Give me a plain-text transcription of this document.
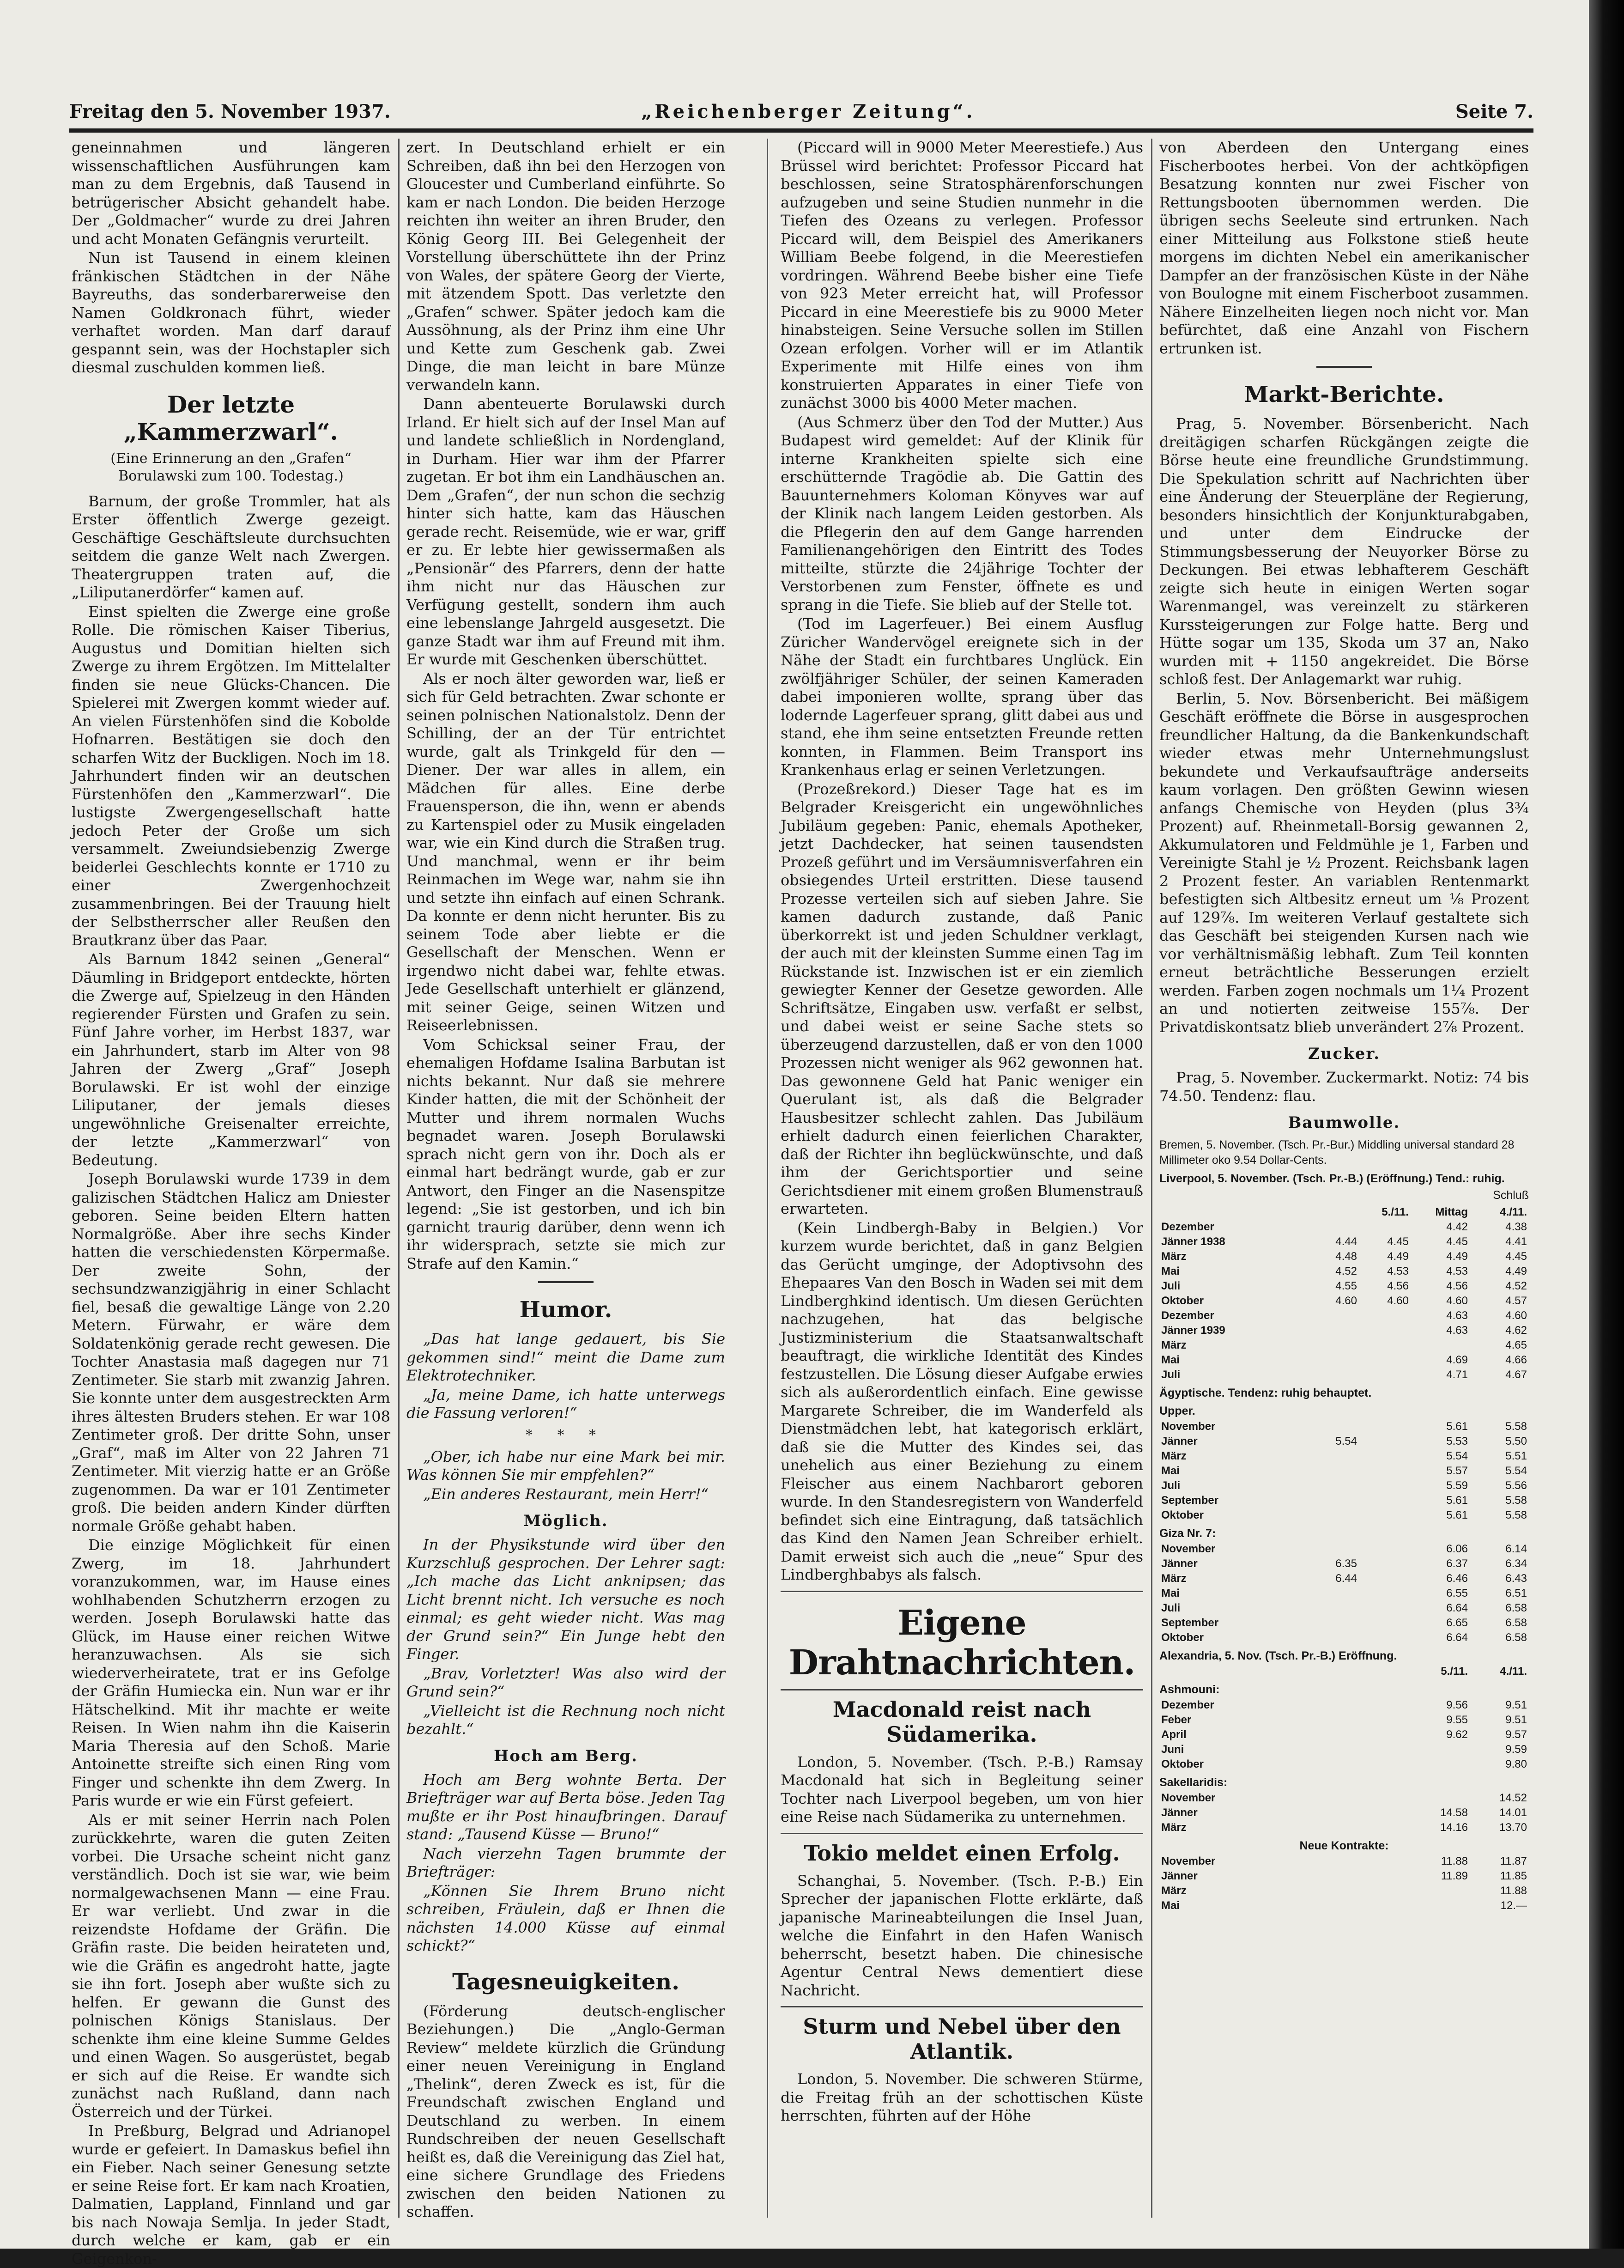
Freitag den 5. November 1937.	„Reichenberger Zeitung“.	Seite 7.

geneinnahmen und längeren wissenschaftlichen Ausführungen kam man zu dem Ergebnis, daß Tausend in betrügerischer Absicht gehandelt habe. Der „Goldmacher“ wurde zu drei Jahren und acht Monaten Gefängnis verurteilt.

Nun ist Tausend in einem kleinen fränkischen Städtchen in der Nähe Bayreuths, das sonderbarerweise den Namen Goldkronach führt, wieder verhaftet worden. Man darf darauf gespannt sein, was der Hochstapler sich diesmal zuschulden kommen ließ.

Der letzte „Kammerzwarl“.
(Eine Erinnerung an den „Grafen“ Borulawski zum 100. Todestag.)

Barnum, der große Trommler, hat als Erster öffentlich Zwerge gezeigt. Geschäftige Geschäftsleute durchsuchten seitdem die ganze Welt nach Zwergen. Theatergruppen traten auf, die „Liliputanerdörfer“ kamen auf.

Einst spielten die Zwerge eine große Rolle. Die römischen Kaiser Tiberius, Augustus und Domitian hielten sich Zwerge zu ihrem Ergötzen. Im Mittelalter finden sie neue Glücks-Chancen. Die Spielerei mit Zwergen kommt wieder auf. An vielen Fürstenhöfen sind die Kobolde Hofnarren. Bestätigen sie doch den scharfen Witz der Buckligen. Noch im 18. Jahrhundert finden wir an deutschen Fürstenhöfen den „Kammerzwarl“. Die lustigste Zwergengesellschaft hatte jedoch Peter der Große um sich versammelt. Zweiundsiebenzig Zwerge beiderlei Geschlechts konnte er 1710 zu einer Zwergenhochzeit zusammenbringen. Bei der Trauung hielt der Selbstherrscher aller Reußen den Brautkranz über das Paar.

Als Barnum 1842 seinen „General“ Däumling in Bridgeport entdeckte, hörten die Zwerge auf, Spielzeug in den Händen regierender Fürsten und Grafen zu sein. Fünf Jahre vorher, im Herbst 1837, war ein Jahrhundert, starb im Alter von 98 Jahren der Zwerg „Graf“ Joseph Borulawski. Er ist wohl der einzige Liliputaner, der jemals dieses ungewöhnliche Greisenalter erreichte, der letzte „Kammerzwarl“ von Bedeutung.

Joseph Borulawski wurde 1739 in dem galizischen Städtchen Halicz am Dniester geboren. Seine beiden Eltern hatten Normalgröße. Aber ihre sechs Kinder hatten die verschiedensten Körpermaße. Der zweite Sohn, der sechsundzwanzigjährig in einer Schlacht fiel, besaß die gewaltige Länge von 2.20 Metern. Fürwahr, er wäre dem Soldatenkönig gerade recht gewesen. Die Tochter Anastasia maß dagegen nur 71 Zentimeter. Sie starb mit zwanzig Jahren. Sie konnte unter dem ausgestreckten Arm ihres ältesten Bruders stehen. Er war 108 Zentimeter groß. Der dritte Sohn, unser „Graf“, maß im Alter von 22 Jahren 71 Zentimeter. Mit vierzig hatte er an Größe zugenommen. Da war er 101 Zentimeter groß. Die beiden andern Kinder dürften normale Größe gehabt haben.

Die einzige Möglichkeit für einen Zwerg, im 18. Jahrhundert voranzukommen, war, im Hause eines wohlhabenden Schutzherrn erzogen zu werden. Joseph Borulawski hatte das Glück, im Hause einer reichen Witwe heranzuwachsen. Als sie sich wiederverheiratete, trat er ins Gefolge der Gräfin Humiecka ein. Nun war er ihr Hätschelkind. Mit ihr machte er weite Reisen. In Wien nahm ihn die Kaiserin Maria Theresia auf den Schoß. Marie Antoinette streifte sich einen Ring vom Finger und schenkte ihn dem Zwerg. In Paris wurde er wie ein Fürst gefeiert.

Als er mit seiner Herrin nach Polen zurückkehrte, waren die guten Zeiten vorbei. Die Ursache scheint nicht ganz verständlich. Doch ist sie war, wie beim normalgewachsenen Mann — eine Frau. Er war verliebt. Und zwar in die reizendste Hofdame der Gräfin. Die Gräfin raste. Die beiden heirateten und, wie die Gräfin es angedroht hatte, jagte sie ihn fort. Joseph aber wußte sich zu helfen. Er gewann die Gunst des polnischen Königs Stanislaus. Der schenkte ihm eine kleine Summe Geldes und einen Wagen. So ausgerüstet, begab er sich auf die Reise. Er wandte sich zunächst nach Rußland, dann nach Österreich und der Türkei.

In Preßburg, Belgrad und Adrianopel wurde er gefeiert. In Damaskus befiel ihn ein Fieber. Nach seiner Genesung setzte er seine Reise fort. Er kam nach Kroatien, Dalmatien, Lappland, Finnland und gar bis nach Nowaja Semlja. In jeder Stadt, durch welche er kam, gab er ein Geigenkon-

zert. In Deutschland erhielt er ein Schreiben, daß ihn bei den Herzogen von Gloucester und Cumberland einführte. So kam er nach London. Die beiden Herzoge reichten ihn weiter an ihren Bruder, den König Georg III. Bei Gelegenheit der Vorstellung überschüttete ihn der Prinz von Wales, der spätere Georg der Vierte, mit ätzendem Spott. Das verletzte den „Grafen“ schwer. Später jedoch kam die Aussöhnung, als der Prinz ihm eine Uhr und Kette zum Geschenk gab. Zwei Dinge, die man leicht in bare Münze verwandeln kann.

Dann abenteuerte Borulawski durch Irland. Er hielt sich auf der Insel Man auf und landete schließlich in Nordengland, in Durham. Hier war ihm der Pfarrer zugetan. Er bot ihm ein Landhäuschen an. Dem „Grafen“, der nun schon die sechzig hinter sich hatte, kam das Häuschen gerade recht. Reisemüde, wie er war, griff er zu. Er lebte hier gewissermaßen als „Pensionär“ des Pfarrers, denn der hatte ihm nicht nur das Häuschen zur Verfügung gestellt, sondern ihm auch eine lebenslange Jahrgeld ausgesetzt. Die ganze Stadt war ihm auf Freund mit ihm. Er wurde mit Geschenken überschüttet.

Als er noch älter geworden war, ließ er sich für Geld betrachten. Zwar schonte er seinen polnischen Nationalstolz. Denn der Schilling, der an der Tür entrichtet wurde, galt als Trinkgeld für den — Diener. Der war alles in allem, ein Mädchen für alles. Eine derbe Frauensperson, die ihn, wenn er abends zu Kartenspiel oder zu Musik eingeladen war, wie ein Kind durch die Straßen trug. Und manchmal, wenn er ihr beim Reinmachen im Wege war, nahm sie ihn und setzte ihn einfach auf einen Schrank. Da konnte er denn nicht herunter. Bis zu seinem Tode aber liebte er die Gesellschaft der Menschen. Wenn er irgendwo nicht dabei war, fehlte etwas. Jede Gesellschaft unterhielt er glänzend, mit seiner Geige, seinen Witzen und Reiseerlebnissen.

Vom Schicksal seiner Frau, der ehemaligen Hofdame Isalina Barbutan ist nichts bekannt. Nur daß sie mehrere Kinder hatten, die mit der Schönheit der Mutter und ihrem normalen Wuchs begnadet waren. Joseph Borulawski sprach nicht gern von ihr. Doch als er einmal hart bedrängt wurde, gab er zur Antwort, den Finger an die Nasenspitze legend: „Sie ist gestorben, und ich bin garnicht traurig darüber, denn wenn ich ihr widersprach, setzte sie mich zur Strafe auf den Kamin.“

Humor.

„Das hat lange gedauert, bis Sie gekommen sind!“ meint die Dame zum Elektrotechniker.

„Ja, meine Dame, ich hatte unterwegs die Fassung verloren!“

* * *

„Ober, ich habe nur eine Mark bei mir. Was können Sie mir empfehlen?“

„Ein anderes Restaurant, mein Herr!“

Möglich.

In der Physikstunde wird über den Kurzschluß gesprochen. Der Lehrer sagt: „Ich mache das Licht anknipsen; das Licht brennt nicht. Ich versuche es noch einmal; es geht wieder nicht. Was mag der Grund sein?“ Ein Junge hebt den Finger.

„Brav, Vorletzter! Was also wird der Grund sein?“

„Vielleicht ist die Rechnung noch nicht bezahlt.“

Hoch am Berg.

Hoch am Berg wohnte Berta. Der Briefträger war auf Berta böse. Jeden Tag mußte er ihr Post hinaufbringen. Darauf stand: „Tausend Küsse — Bruno!“

Nach vierzehn Tagen brummte der Briefträger:

„Können Sie Ihrem Bruno nicht schreiben, Fräulein, daß er Ihnen die nächsten 14.000 Küsse auf einmal schickt?“

Tagesneuigkeiten.

(Förderung deutsch-englischer Beziehungen.) Die „Anglo-German Review“ meldete kürzlich die Gründung einer neuen Vereinigung in England „Thelink“, deren Zweck es ist, für die Freundschaft zwischen England und Deutschland zu werben. In einem Rundschreiben der neuen Gesellschaft heißt es, daß die Vereinigung das Ziel hat, eine sichere Grundlage des Friedens zwischen den beiden Nationen zu schaffen.

(Piccard will in 9000 Meter Meerestiefe.) Aus Brüssel wird berichtet: Professor Piccard hat beschlossen, seine Stratosphärenforschungen aufzugeben und seine Studien nunmehr in die Tiefen des Ozeans zu verlegen. Professor Piccard will, dem Beispiel des Amerikaners William Beebe folgend, in die Meerestiefen vordringen. Während Beebe bisher eine Tiefe von 923 Meter erreicht hat, will Professor Piccard in eine Meerestiefe bis zu 9000 Meter hinabsteigen. Seine Versuche sollen im Stillen Ozean erfolgen. Vorher will er im Atlantik Experimente mit Hilfe eines von ihm konstruierten Apparates in einer Tiefe von zunächst 3000 bis 4000 Meter machen.

(Aus Schmerz über den Tod der Mutter.) Aus Budapest wird gemeldet: Auf der Klinik für interne Krankheiten spielte sich eine erschütternde Tragödie ab. Die Gattin des Bauunternehmers Koloman Könyves war auf der Klinik nach langem Leiden gestorben. Als die Pflegerin den auf dem Gange harrenden Familienangehörigen den Eintritt des Todes mitteilte, stürzte die 24jährige Tochter der Verstorbenen zum Fenster, öffnete es und sprang in die Tiefe. Sie blieb auf der Stelle tot.

(Tod im Lagerfeuer.) Bei einem Ausflug Züricher Wandervögel ereignete sich in der Nähe der Stadt ein furchtbares Unglück. Ein zwölfjähriger Schüler, der seinen Kameraden dabei imponieren wollte, sprang über das lodernde Lagerfeuer sprang, glitt dabei aus und stand, ehe ihm seine entsetzten Freunde retten konnten, in Flammen. Beim Transport ins Krankenhaus erlag er seinen Verletzungen.

(Prozeßrekord.) Dieser Tage hat es im Belgrader Kreisgericht ein ungewöhnliches Jubiläum gegeben: Panic, ehemals Apotheker, jetzt Dachdecker, hat seinen tausendsten Prozeß geführt und im Versäumnisverfahren ein obsiegendes Urteil erstritten. Diese tausend Prozesse verteilen sich auf sieben Jahre. Sie kamen dadurch zustande, daß Panic überkorrekt ist und jeden Schuldner verklagt, der auch mit der kleinsten Summe einen Tag im Rückstande ist. Inzwischen ist er ein ziemlich gewiegter Kenner der Gesetze geworden. Alle Schriftsätze, Eingaben usw. verfaßt er selbst, und dabei weist er seine Sache stets so überzeugend darzustellen, daß er von den 1000 Prozessen nicht weniger als 962 gewonnen hat. Das gewonnene Geld hat Panic weniger ein Querulant ist, als daß die Belgrader Hausbesitzer schlecht zahlen. Das Jubiläum erhielt dadurch einen feierlichen Charakter, daß der Richter ihn beglückwünschte, und daß ihm der Gerichtsportier und seine Gerichtsdiener mit einem großen Blumenstrauß erwarteten.

(Kein Lindbergh-Baby in Belgien.) Vor kurzem wurde berichtet, daß in ganz Belgien das Gerücht umginge, der Adoptivsohn des Ehepaares Van den Bosch in Waden sei mit dem Lindberghkind identisch. Um diesen Gerüchten nachzugehen, hat das belgische Justizministerium die Staatsanwaltschaft beauftragt, die wirkliche Identität des Kindes festzustellen. Die Lösung dieser Aufgabe erwies sich als außerordentlich einfach. Eine gewisse Margarete Schreiber, die im Wanderfeld als Dienstmädchen lebt, hat kategorisch erklärt, daß sie die Mutter des Kindes sei, das unehelich aus einer Beziehung zu einem Fleischer aus einem Nachbarort geboren wurde. In den Standesregistern von Wanderfeld befindet sich eine Eintragung, daß tatsächlich das Kind den Namen Jean Schreiber erhielt. Damit erweist sich auch die „neue“ Spur des Lindberghbabys als falsch.

Eigene Drahtnachrichten.
Macdonald reist nach Südamerika.

London, 5. November. (Tsch. P.-B.) Ramsay Macdonald hat sich in Begleitung seiner Tochter nach Liverpool begeben, um von hier eine Reise nach Südamerika zu unternehmen.

Tokio meldet einen Erfolg.

Schanghai, 5. November. (Tsch. P.-B.) Ein Sprecher der japanischen Flotte erklärte, daß japanische Marineabteilungen die Insel Juan, welche die Einfahrt in den Hafen Wanisch beherrscht, besetzt haben. Die chinesische Agentur Central News dementiert diese Nachricht.

Sturm und Nebel über den Atlantik.

London, 5. November. Die schweren Stürme, die Freitag früh an der schottischen Küste herrschten, führten auf der Höhe

von Aberdeen den Untergang eines Fischerbootes herbei. Von der achtköpfigen Besatzung konnten nur zwei Fischer von Rettungsbooten übernommen werden. Die übrigen sechs Seeleute sind ertrunken. Nach einer Mitteilung aus Folkstone stieß heute morgens im dichten Nebel ein amerikanischer Dampfer an der französischen Küste in der Nähe von Boulogne mit einem Fischerboot zusammen. Nähere Einzelheiten liegen noch nicht vor. Man befürchtet, daß eine Anzahl von Fischern ertrunken ist.

Markt-Berichte.

Prag, 5. November. Börsenbericht. Nach dreitägigen scharfen Rückgängen zeigte die Börse heute eine freundliche Grundstimmung. Die Spekulation schritt auf Nachrichten über eine Änderung der Steuerpläne der Regierung, besonders hinsichtlich der Konjunkturabgaben, und unter dem Eindrucke der Stimmungsbesserung der Neuyorker Börse zu Deckungen. Bei etwas lebhafterem Geschäft zeigte sich heute in einigen Werten sogar Warenmangel, was vereinzelt zu stärkeren Kurssteigerungen zur Folge hatte. Berg und Hütte sogar um 135, Skoda um 37 an, Nako wurden mit + 1150 angekreidet. Die Börse schloß fest. Der Anlagemarkt war ruhig.

Berlin, 5. Nov. Börsenbericht. Bei mäßigem Geschäft eröffnete die Börse in ausgesprochen freundlicher Haltung, da die Bankenkundschaft wieder etwas mehr Unternehmungslust bekundete und Verkaufsaufträge anderseits kaum vorlagen. Den größten Gewinn wiesen anfangs Chemische von Heyden (plus 3¾ Prozent) auf. Rheinmetall-Borsig gewannen 2, Akkumulatoren und Feldmühle je 1, Farben und Vereinigte Stahl je ½ Prozent. Reichsbank lagen 2 Prozent fester. An variablen Rentenmarkt befestigten sich Altbesitz erneut um ⅛ Prozent auf 129⅞. Im weiteren Verlauf gestaltete sich das Geschäft bei steigenden Kursen nach wie vor verhältnismäßig lebhaft. Zum Teil konnten erneut beträchtliche Besserungen erzielt werden. Farben zogen nochmals um 1¼ Prozent an und notierten zeitweise 155⅞. Der Privatdiskontsatz blieb unverändert 2⅞ Prozent.

Zucker.

Prag, 5. November. Zuckermarkt. Notiz: 74 bis 74.50. Tendenz: flau.

Baumwolle.

Bremen, 5. November. (Tsch. Pr.-Bur.) Middling universal standard 28 Millimeter oko 9.54 Dollar-Cents.

Liverpool, 5. November. (Tsch. Pr.-B.) (Eröffnung.) Tend.: ruhig.
Schluß
		5./11.	Mittag	4./11.
Dezember			4.42	4.38
Jänner 1938	4.44	4.45	4.45	4.41
März	4.48	4.49	4.49	4.45
Mai	4.52	4.53	4.53	4.49
Juli	4.55	4.56	4.56	4.52
Oktober	4.60	4.60	4.60	4.57
Dezember			4.63	4.60
Jänner 1939			4.63	4.62
März				4.65
Mai			4.69	4.66
Juli			4.71	4.67
Ägyptische. Tendenz: ruhig behauptet.
Upper.
November			5.61	5.58
Jänner	5.54		5.53	5.50
März			5.54	5.51
Mai			5.57	5.54
Juli			5.59	5.56
September			5.61	5.58
Oktober			5.61	5.58
Giza Nr. 7:
November			6.06	6.14
Jänner	6.35		6.37	6.34
März	6.44		6.46	6.43
Mai			6.55	6.51
Juli			6.64	6.58
September			6.65	6.58
Oktober			6.64	6.58
Alexandria, 5. Nov. (Tsch. Pr.-B.) Eröffnung.
	5./11.	4./11.
Ashmouni:
Dezember		9.56	9.51
Feber		9.55	9.51
April		9.62	9.57
Juni			9.59
Oktober			9.80
Sakellaridis:
November			14.52
Jänner		14.58	14.01
März		14.16	13.70
Neue Kontrakte:
November		11.88	11.87
Jänner		11.89	11.85
März			11.88
Mai			12.—
